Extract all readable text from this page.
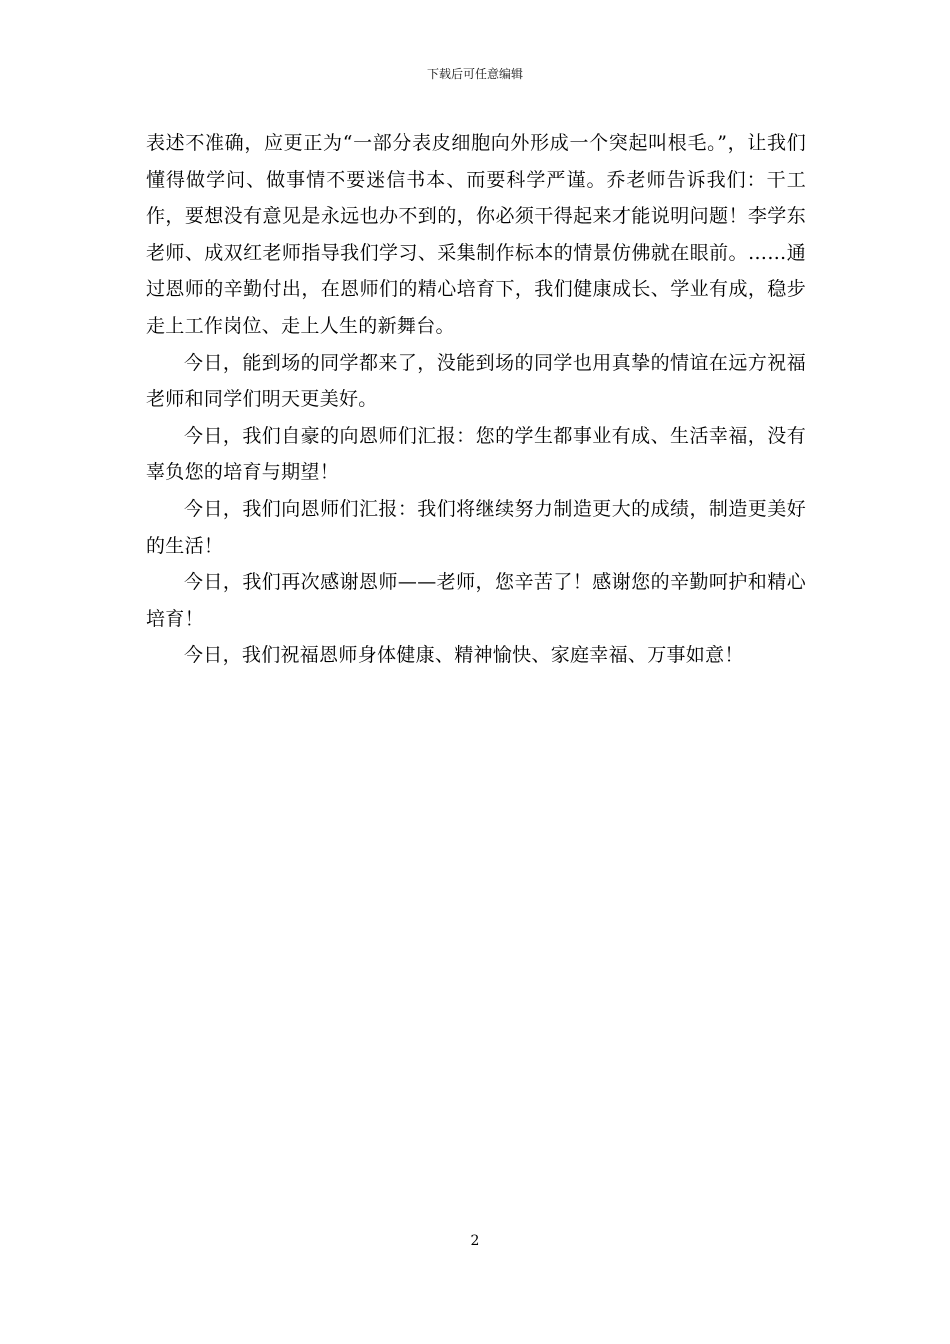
下载后可任意编辑

表述不准确，应更正为“一部分表皮细胞向外形成一个突起叫根毛。”，让我们懂得做学问、做事情不要迷信书本、而要科学严谨。乔老师告诉我们：干工作，要想没有意见是永远也办不到的，你必须干得起来才能说明问题！李学东老师、成双红老师指导我们学习、采集制作标本的情景仿佛就在眼前。……通过恩师的辛勤付出，在恩师们的精心培育下，我们健康成长、学业有成，稳步走上工作岗位、走上人生的新舞台。

今日，能到场的同学都来了，没能到场的同学也用真挚的情谊在远方祝福老师和同学们明天更美好。

今日，我们自豪的向恩师们汇报：您的学生都事业有成、生活幸福，没有辜负您的培育与期望！

今日，我们向恩师们汇报：我们将继续努力制造更大的成绩，制造更美好的生活！

今日，我们再次感谢恩师——老师，您辛苦了！感谢您的辛勤呵护和精心培育！

今日，我们祝福恩师身体健康、精神愉快、家庭幸福、万事如意！

2
